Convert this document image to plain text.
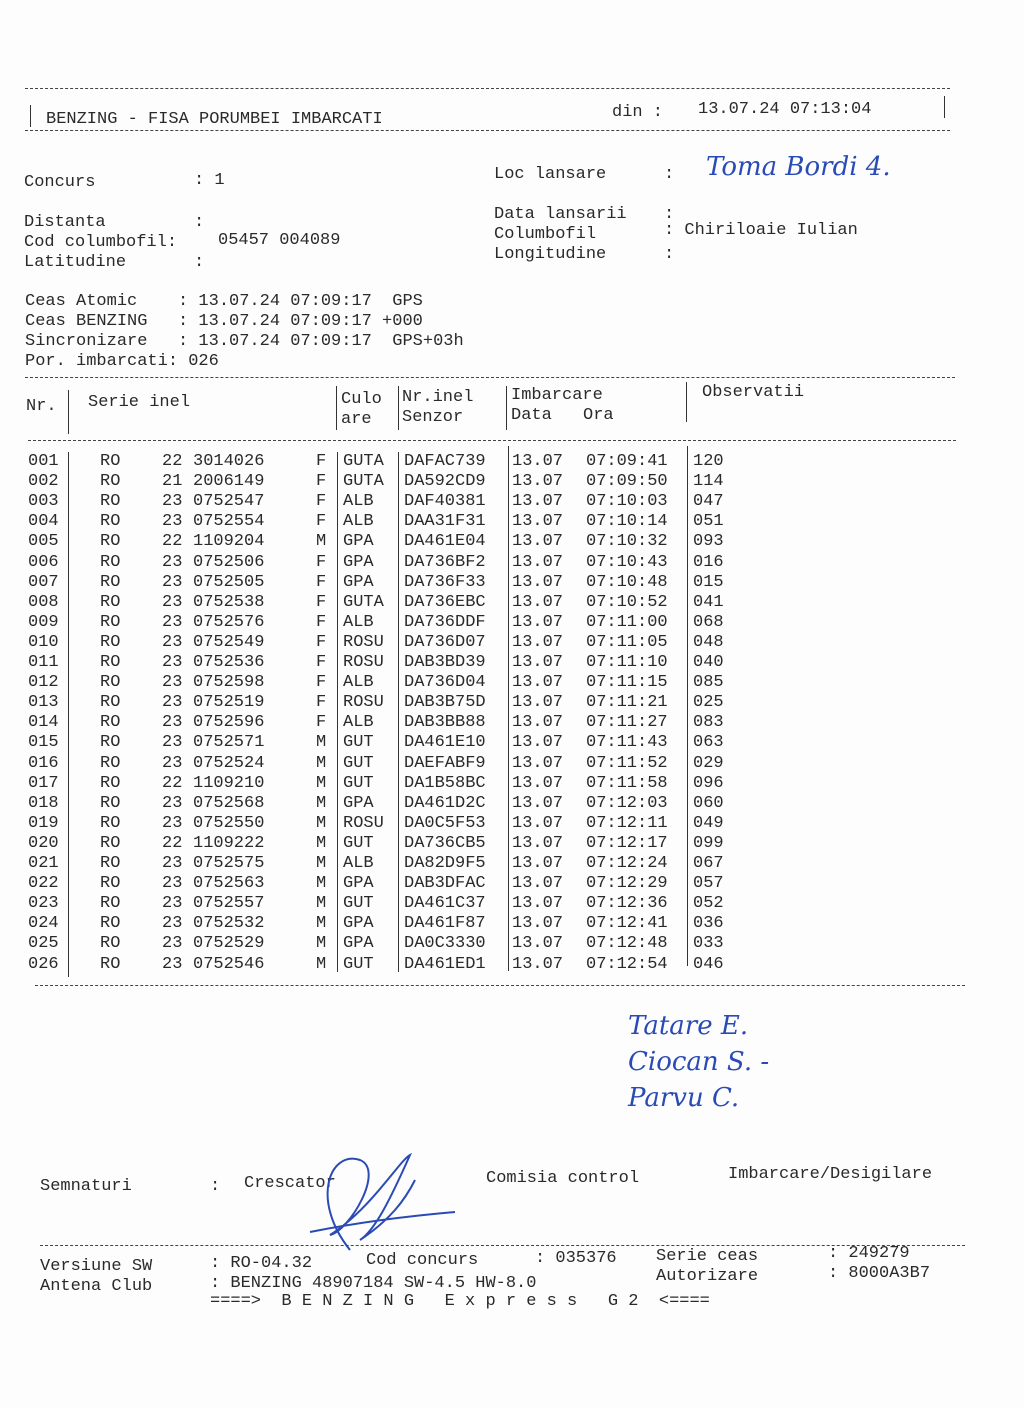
BENZING - FISA PORUMBEI IMBARCATI	din : 13.07.24 07:13:04
Concurs	: 1	Loc lansare	: Toma Bordi 4.
Distanta	:
Cod columbofil: 05457 004089
Latitudine	:
Data lansarii :
Columbofil	: Chiriloaie Iulian
Longitudine	:
Ceas Atomic    : 13.07.24 07:09:17  GPS
Ceas BENZING   : 13.07.24 07:09:17 +000
Sincronizare   : 13.07.24 07:09:17  GPS+03h
Por. imbarcati: 026
Nr. Serie inel	Culo
are
Nr.inel
Senzor
Imbarcare
Data Ora
Observatii
001 RO 22 3014026	F GUTA DAFAC739 13.07 07:09:41 120
002 RO 21 2006149	F GUTA DA592CD9 13.07 07:09:50 114
003 RO 23 0752547	F ALB DAF40381 13.07 07:10:03 047
004 RO 23 0752554	F ALB DAA31F31 13.07 07:10:14 051
005 RO 22 1109204	M GPA DA461E04 13.07 07:10:32 093
006 RO 23 0752506	F GPA DA736BF2 13.07 07:10:43 016
007 RO 23 0752505	F GPA DA736F33 13.07 07:10:48 015
008 RO 23 0752538	F GUTA DA736EBC 13.07 07:10:52 041
009 RO 23 0752576	F ALB DA736DDF 13.07 07:11:00 068
010 RO 23 0752549	F ROSU DA736D07 13.07 07:11:05 048
011 RO 23 0752536	F ROSU DAB3BD39 13.07 07:11:10 040
012 RO 23 0752598	F ALB DA736D04 13.07 07:11:15 085
013 RO 23 0752519	F ROSU DAB3B75D 13.07 07:11:21 025
014 RO 23 0752596	F ALB DAB3BB88 13.07 07:11:27 083
015 RO 23 0752571	M GUT DA461E10 13.07 07:11:43 063
016 RO 23 0752524	M GUT DAEFABF9 13.07 07:11:52 029
017 RO 22 1109210	M GUT DA1B58BC 13.07 07:11:58 096
018 RO 23 0752568	M GPA DA461D2C 13.07 07:12:03 060
019 RO 23 0752550	M ROSU DA0C5F53 13.07 07:12:11 049
020 RO 22 1109222	M GUT DA736CB5 13.07 07:12:17 099
021 RO 23 0752575	M ALB DA82D9F5 13.07 07:12:24 067
022 RO 23 0752563	M GPA DAB3DFAC 13.07 07:12:29 057
023 RO 23 0752557	M GUT DA461C37 13.07 07:12:36 052
024 RO 23 0752532	M GPA DA461F87 13.07 07:12:41 036
025 RO 23 0752529	M GPA DA0C3330 13.07 07:12:48 033
026 RO 23 0752546	M GUT DA461ED1 13.07 07:12:54 046
Tatare E.
Ciocan S. -
Parvu C.
Semnaturi	: Crescator	Comisia control	Imbarcare/Desigilare
Versiune SW	: RO-04.32	Cod concurs	: 035376 Serie ceas	: 249279
Antena Club	: BENZING 48907184 SW-4.5 HW-8.0	Autorizare	: 8000A3B7
====>  B E N Z I N G   E x p r e s s   G 2  <====
